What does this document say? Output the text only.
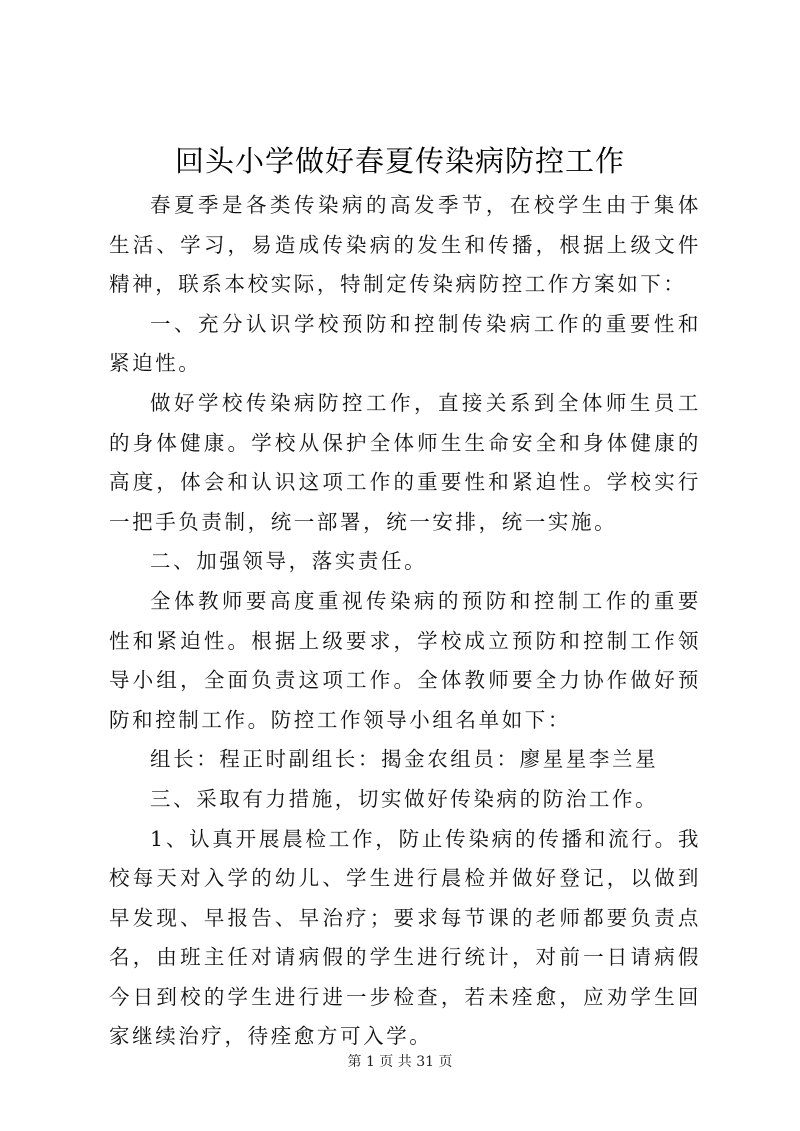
回头小学做好春夏传染病防控工作

春夏季是各类传染病的高发季节，在校学生由于集体生活、学习，易造成传染病的发生和传播，根据上级文件精神，联系本校实际，特制定传染病防控工作方案如下：

一、充分认识学校预防和控制传染病工作的重要性和紧迫性。

做好学校传染病防控工作，直接关系到全体师生员工的身体健康。学校从保护全体师生生命安全和身体健康的高度，体会和认识这项工作的重要性和紧迫性。学校实行一把手负责制，统一部署，统一安排，统一实施。

二、加强领导，落实责任。

全体教师要高度重视传染病的预防和控制工作的重要性和紧迫性。根据上级要求，学校成立预防和控制工作领导小组，全面负责这项工作。全体教师要全力协作做好预防和控制工作。防控工作领导小组名单如下：

组长：程正时副组长：揭金农组员：廖星星李兰星

三、采取有力措施，切实做好传染病的防治工作。

1、认真开展晨检工作，防止传染病的传播和流行。我校每天对入学的幼儿、学生进行晨检并做好登记，以做到早发现、早报告、早治疗；要求每节课的老师都要负责点名，由班主任对请病假的学生进行统计，对前一日请病假今日到校的学生进行进一步检查，若未痊愈，应劝学生回家继续治疗，待痊愈方可入学。

第 1 页 共 31 页
